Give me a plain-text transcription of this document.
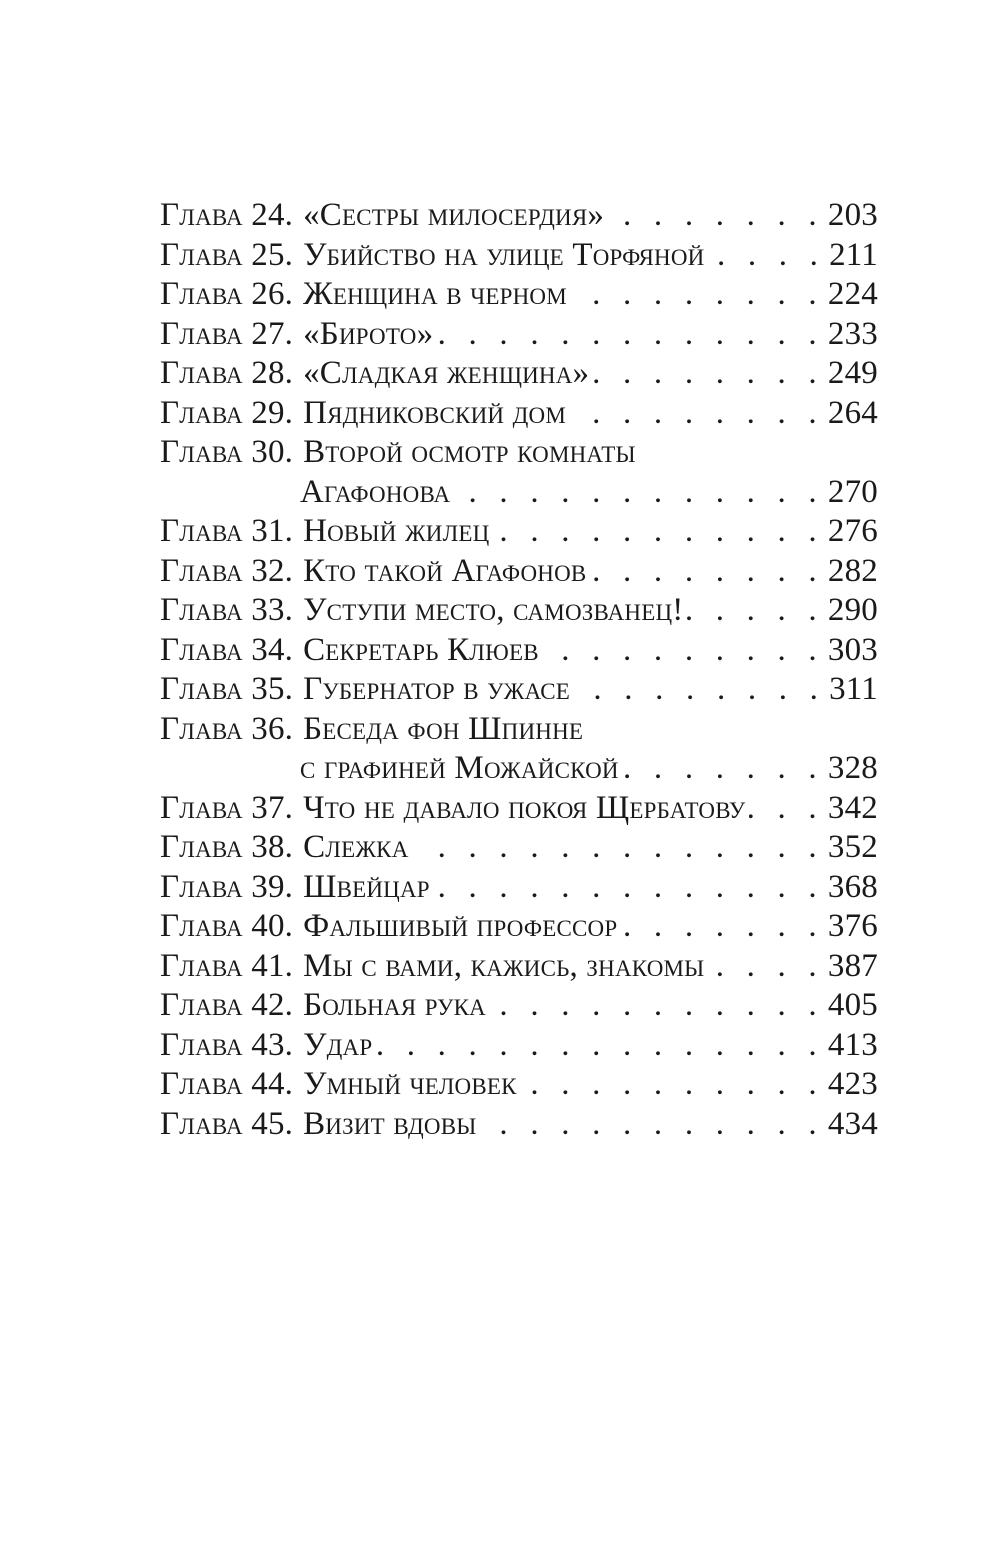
Глава 24. «Сестры милосердия» . . .	203
Глава 25. Убийство на улице Торфяной . . .	211
Глава 26. Женщина в черном . . .	224
Глава 27. «Бирото» . . .	233
Глава 28. «Сладкая женщина» . . .	249
Глава 29. Пядниковский дом . . .	264
Глава 30. Второй осмотр комнаты
Агафонова . . .	270
Глава 31. Новый жилец . . .	276
Глава 32. Кто такой Агафонов . . .	282
Глава 33. Уступи место, самозванец! . . .	290
Глава 34. Секретарь Клюев . . .	303
Глава 35. Губернатор в ужасе . . .	311
Глава 36. Беседа фон Шпинне
с графиней Можайской . . .	328
Глава 37. Что не давало покоя Щербатову . . . 342
Глава 38. Слежка . . .	352
Глава 39. Швейцар . . .	368
Глава 40. Фальшивый профессор . . .	376
Глава 41. Мы с вами, кажись, знакомы . . .	387
Глава 42. Больная рука . . .	405
Глава 43. Удар . . .	413
Глава 44. Умный человек . . .	423
Глава 45. Визит вдовы . . .	434
